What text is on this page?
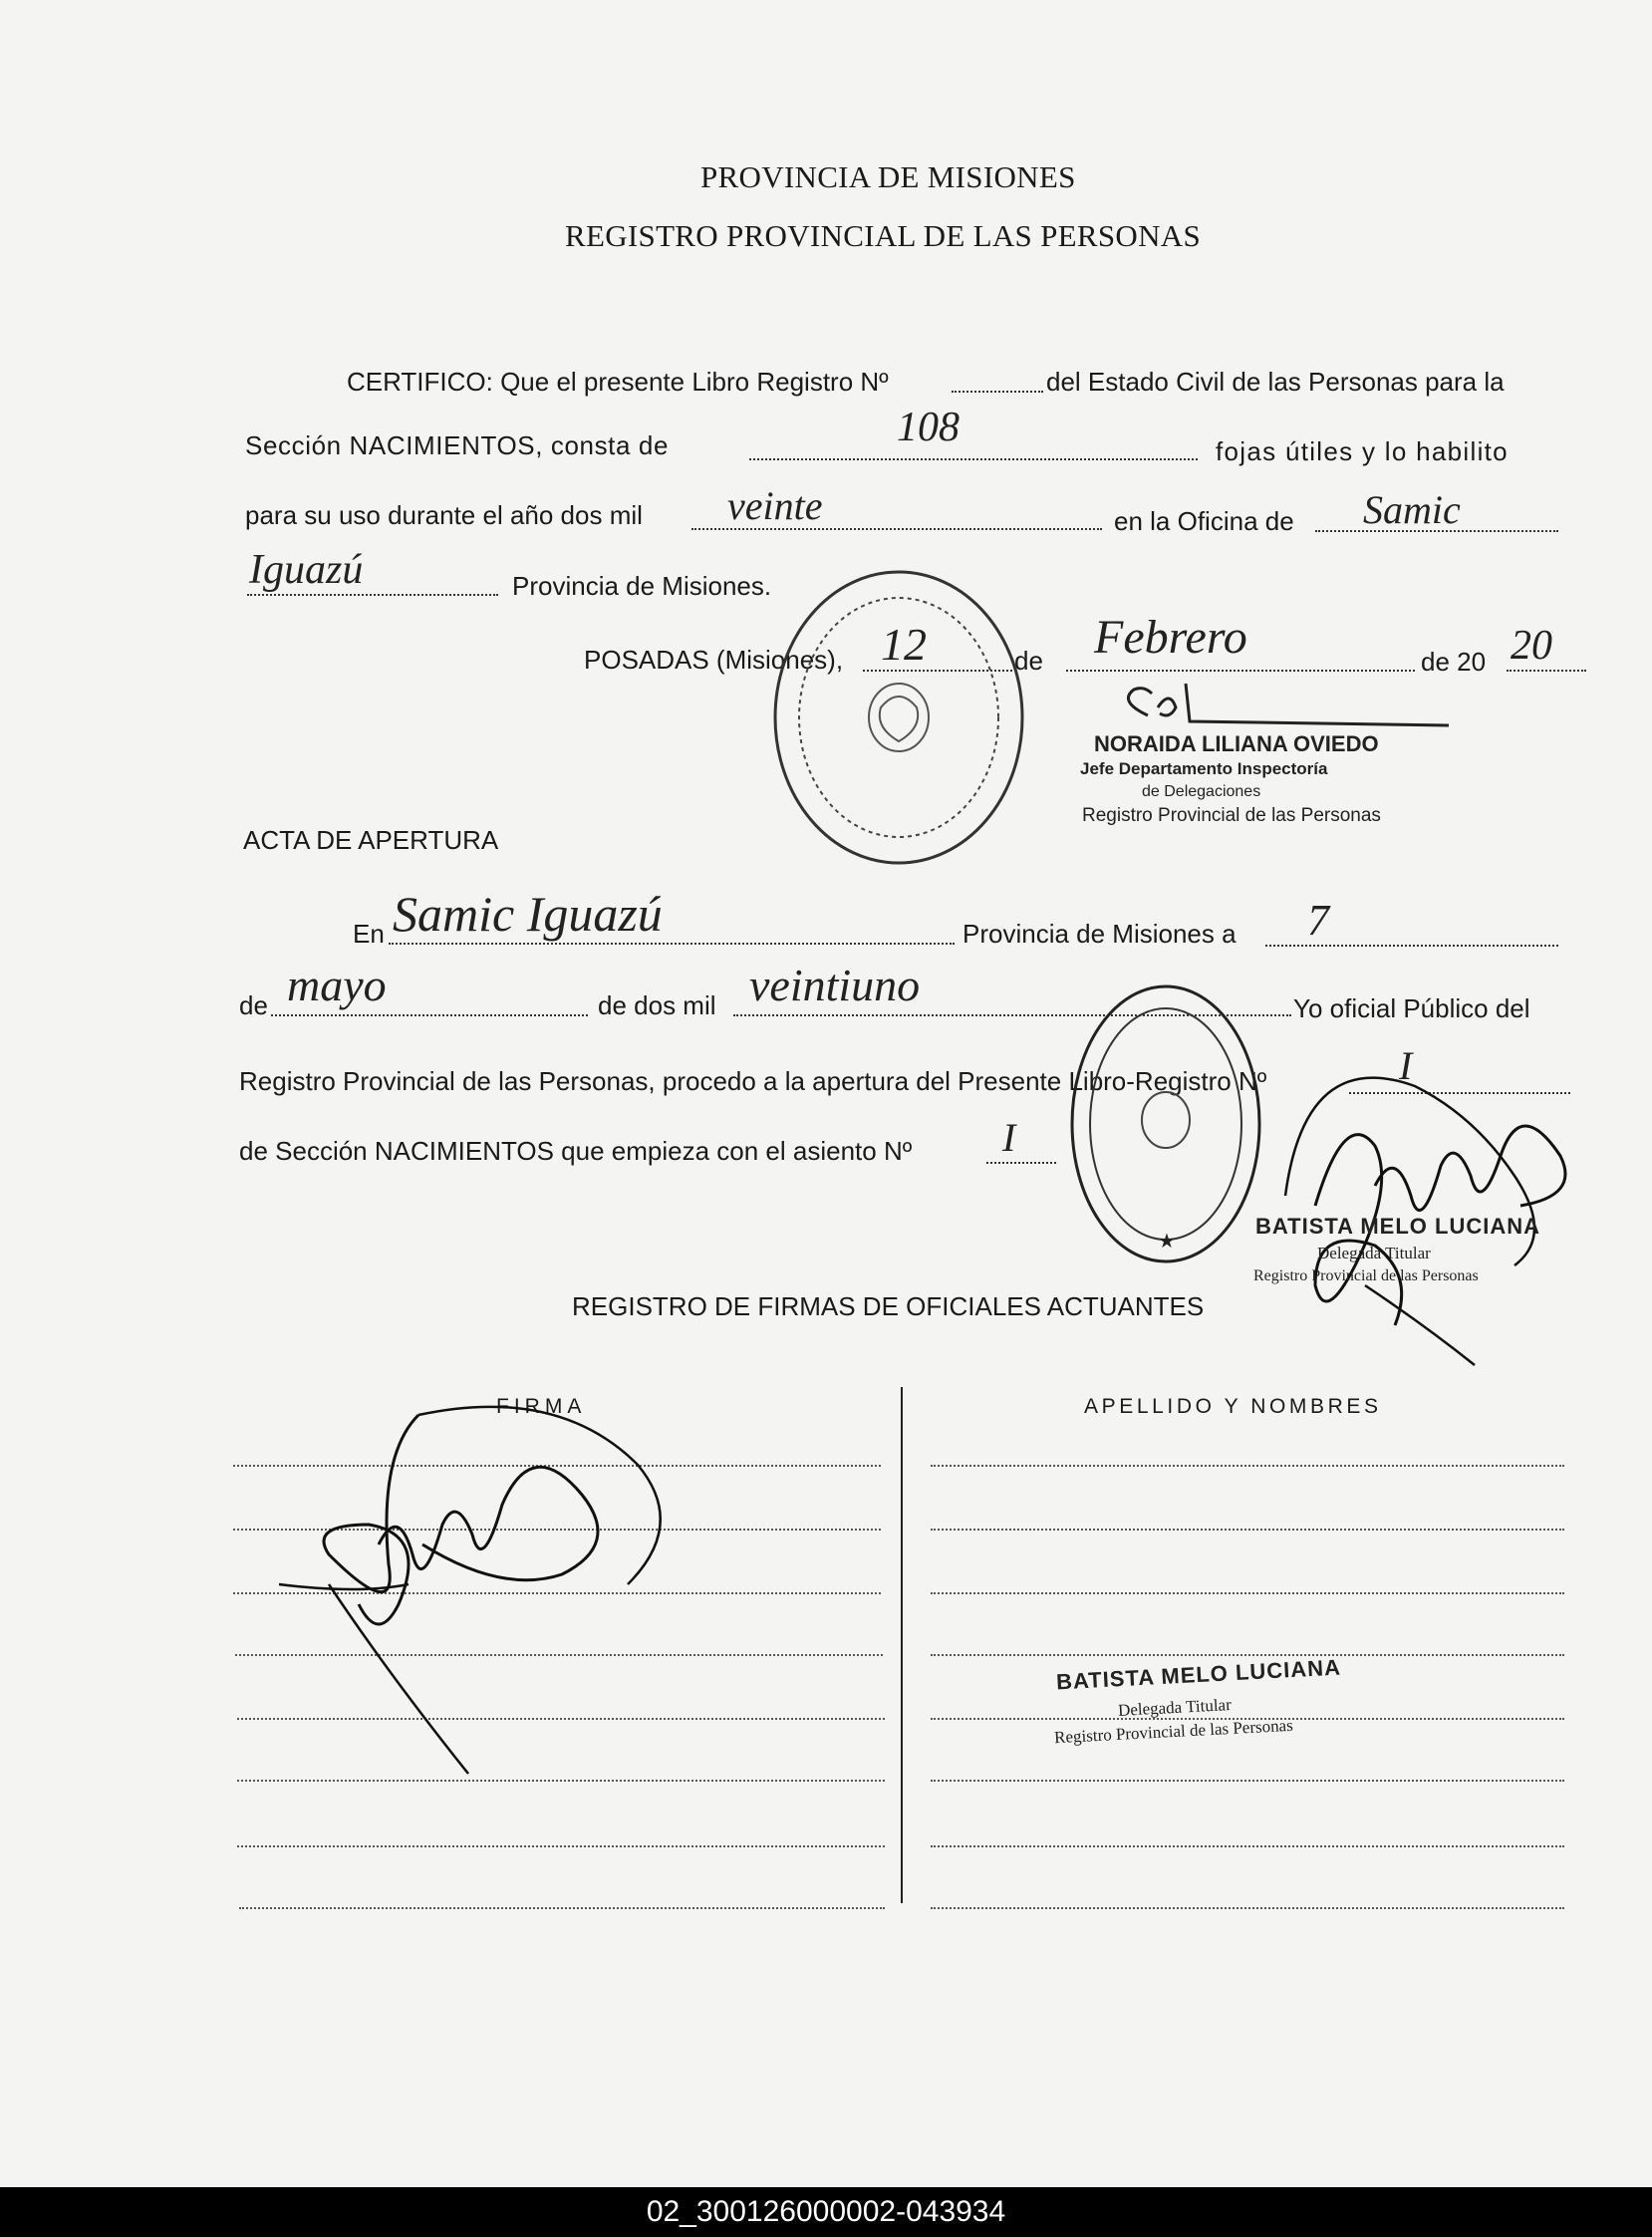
PROVINCIA DE MISIONES
REGISTRO PROVINCIAL DE LAS PERSONAS
CERTIFICO: Que el presente Libro Registro Nº	del Estado Civil de las Personas para la
Sección NACIMIENTOS, consta de	108
fojas útiles y lo habilito
para su uso durante el año dos mil veinte	en la Oficina de Samic
Iguazú	Provincia de Misiones.
POSADAS (Misiones), 12	de Febrero	de 20 20
NORAIDA LILIANA OVIEDO
Jefe Departamento Inspectoría
de Delegaciones
Registro Provincial de las Personas
ACTA DE APERTURA
En Samic Iguazú	Provincia de Misiones a 7
de mayo	de dos mil veintiuno	Yo oficial Público del
Registro Provincial de las Personas, procedo a la apertura del Presente Libro-Registro Nº	I
de Sección NACIMIENTOS que empieza con el asiento Nº I
★
BATISTA MELO LUCIANA
Delegada Titular
Registro Provincial de las Personas
REGISTRO DE FIRMAS DE OFICIALES ACTUANTES
FIRMA	APELLIDO Y NOMBRES
BATISTA MELO LUCIANA
Delegada Titular
Registro Provincial de las Personas
02_300126000002-043934
